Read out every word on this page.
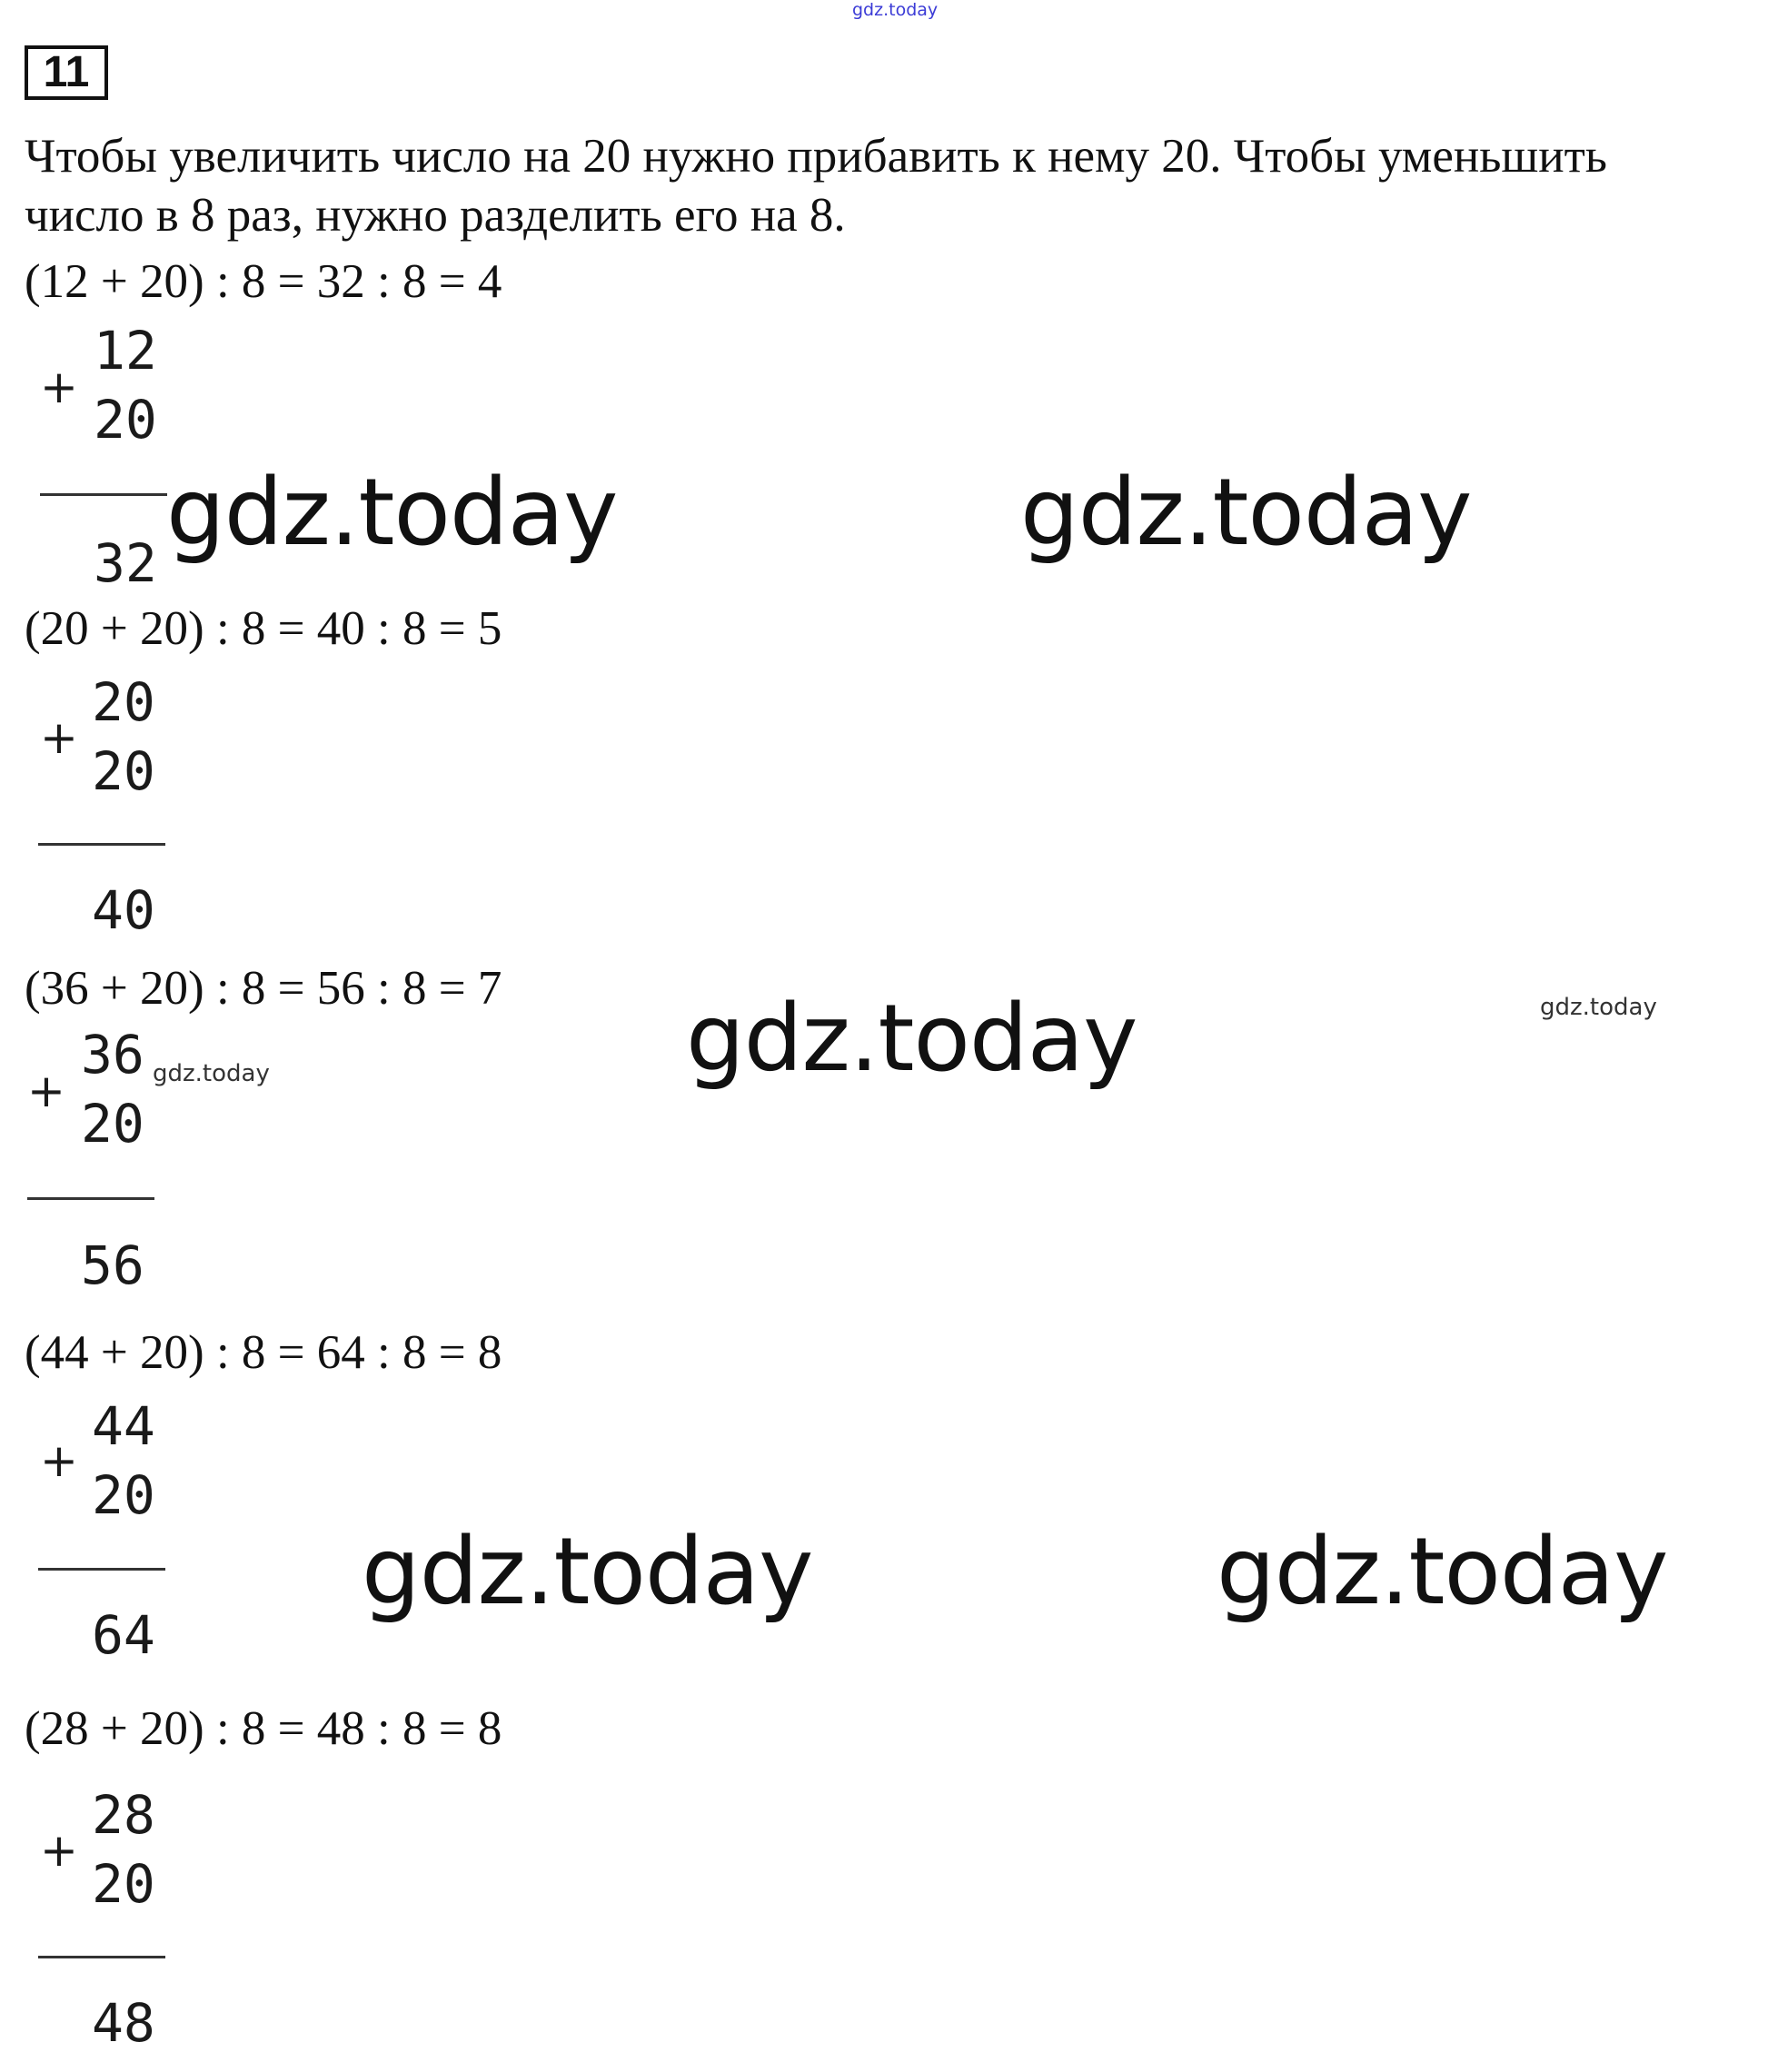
gdz.today
11
Чтобы увеличить число на 20 нужно прибавить к нему 20. Чтобы уменьшить
число в 8 раз, нужно разделить его на 8.
(12 + 20) : 8 = 32 : 8 = 4
+
12
20
32
(20 + 20) : 8 = 40 : 8 = 5
+
20
20
40
(36 + 20) : 8 = 56 : 8 = 7
+
36
20
56
(44 + 20) : 8 = 64 : 8 = 8
+
44
20
64
(28 + 20) : 8 = 48 : 8 = 8
+
28
20
48
gdz.today	gdz.today
gdz.today
gdz.today	gdz.today
gdz.today
gdz.today
